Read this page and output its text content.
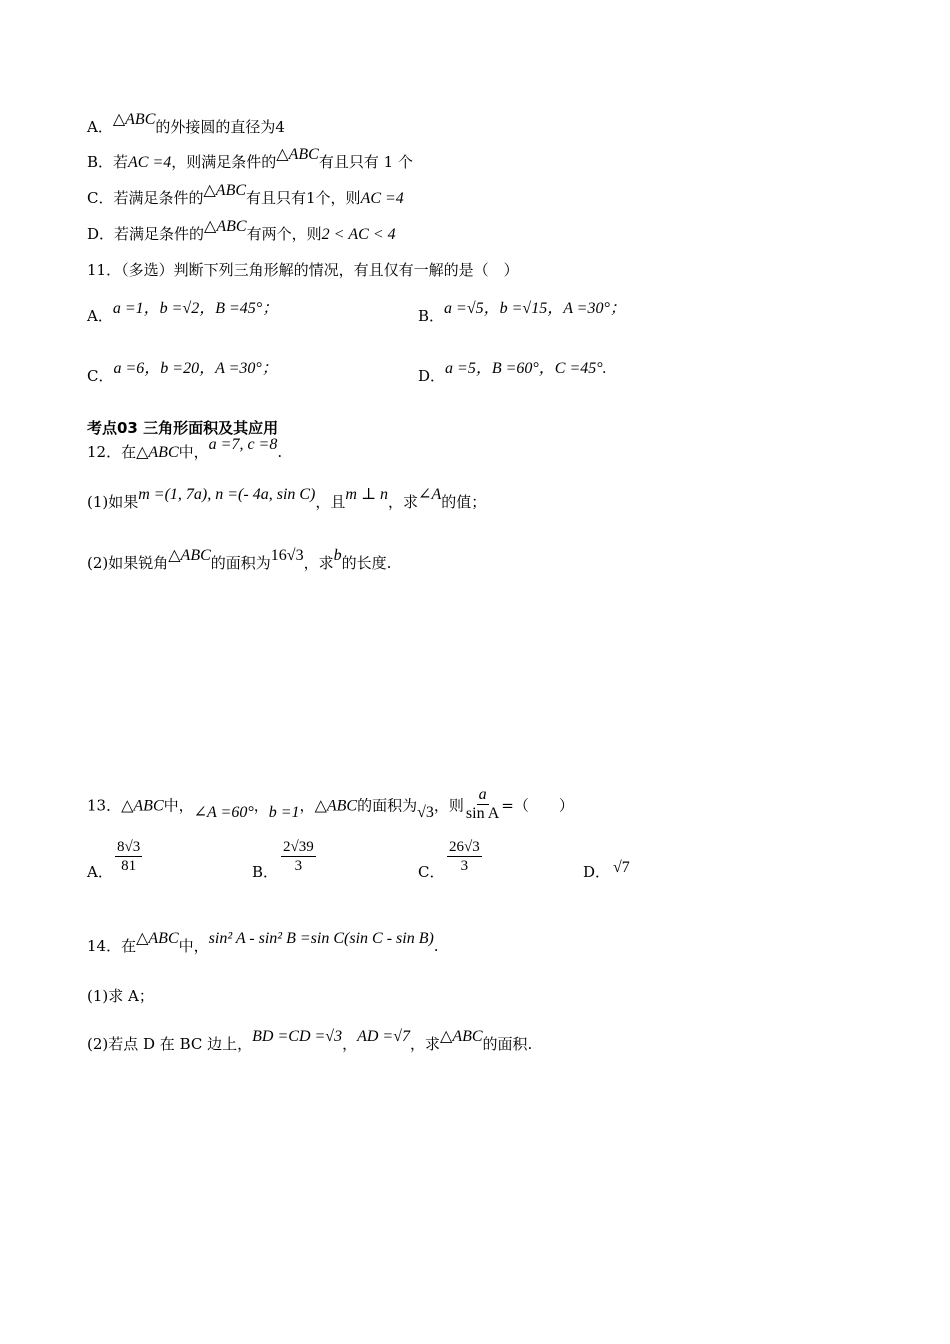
A．△ABC的外接圆的直径为4
B．若AC =4，则满足条件的△ABC有且只有 1 个
C．若满足条件的△ABC有且只有1个，则AC =4
D．若满足条件的△ABC有两个，则2 < AC < 4
11．（多选）判断下列三角形解的情况，有且仅有一解的是（　）
A．a =1，b =√2，B =45°；	B．a =√5，b =√15，A =30°；
C．a =6，b =20，A =30°；	D．a =5，B =60°，C =45°.
考点03 三角形面积及其应用
12．在△ABC中，a =7, c =8.
(1)如果m =(1, 7a), n =(- 4a, sin C)，且m ⊥ n，求∠A的值；
(2)如果锐角△ABC的面积为16√3，求b的长度.
13．△ABC中，∠A =60°，b =1，△ABC的面积为√3，则 $\frac{a}{\text{sin A}}$ =（　　）
A． $\frac{8√3}{81}$	B． $\frac{2√39}{3}$	C． $\frac{26√3}{3}$	D． √7
14．在△ABC中，sin² A - sin² B =sin C(sin C - sin B).
(1)求 A；
(2)若点 D 在 BC 边上，BD =CD =√3，AD =√7，求△ABC的面积.
